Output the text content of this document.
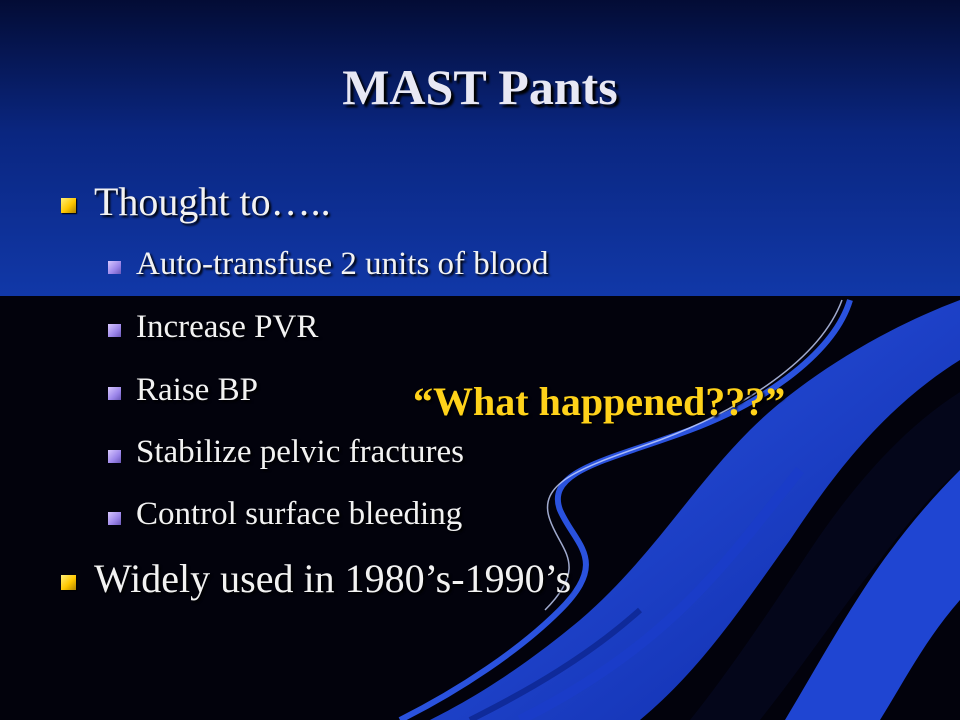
MAST Pants
Thought to…..
Auto-transfuse 2 units of blood
Increase PVR
Raise BP
Stabilize pelvic fractures
Control surface bleeding
Widely used in 1980’s-1990’s
“What happened???”
